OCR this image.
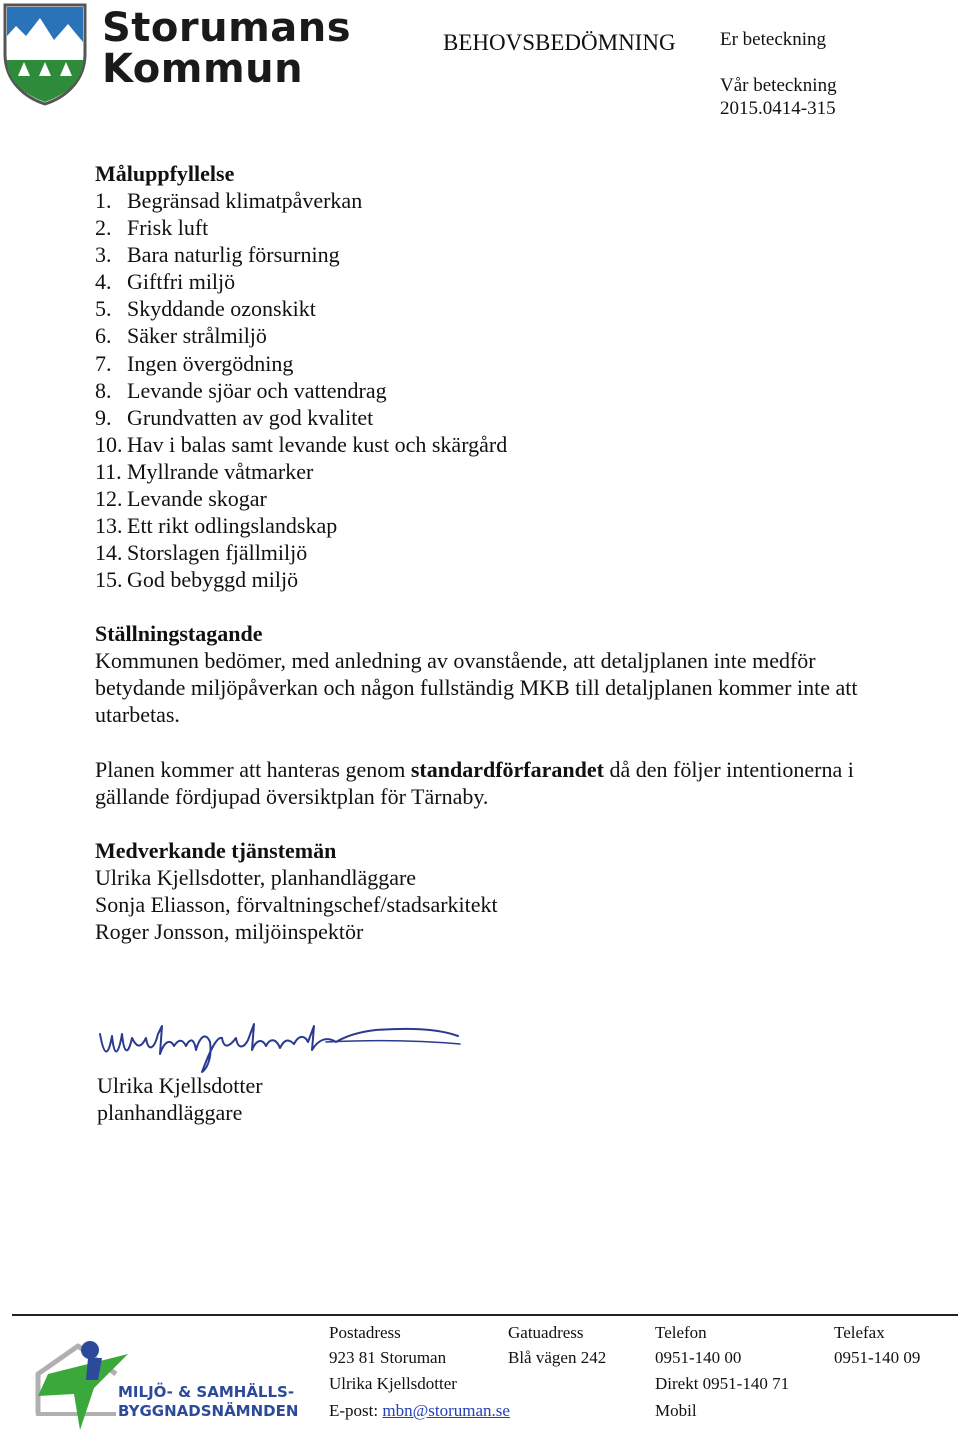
Storumans
Kommun
BEHOVSBEDÖMNING Er beteckning
Vår beteckning
2015.0414-315

Måluppfyllelse

1. Begränsad klimatpåverkan
2. Frisk luft
3. Bara naturlig försurning
4. Giftfri miljö
5. Skyddande ozonskikt
6. Säker strålmiljö
7. Ingen övergödning
8. Levande sjöar och vattendrag
9. Grundvatten av god kvalitet
10. Hav i balas samt levande kust och skärgård
11. Myllrande våtmarker
12. Levande skogar
13. Ett rikt odlingslandskap
14. Storslagen fjällmiljö
15. God bebyggd miljö

Ställningstagande

Kommunen bedömer, med anledning av ovanstående, att detaljplanen inte medför betydande miljöpåverkan och någon fullständig MKB till detaljplanen kommer inte att utarbetas.

Planen kommer att hanteras genom standardförfarandet då den följer intentionerna i gällande fördjupad översiktplan för Tärnaby.

Medverkande tjänstemän

Ulrika Kjellsdotter, planhandläggare

Sonja Eliasson, förvaltningschef/stadsarkitekt

Roger Jonsson, miljöinspektör

Ulrika Kjellsdotter

planhandläggare

MILJÖ- & SAMHÄLLS-
BYGGNADSNÄMNDEN
Postadress
923 81 Storuman
Ulrika Kjellsdotter
E-post: mbn@storuman.se
Gatuadress
Blå vägen 242
Telefon
0951-140 00
Direkt 0951-140 71
Mobil
Telefax
0951-140 09
